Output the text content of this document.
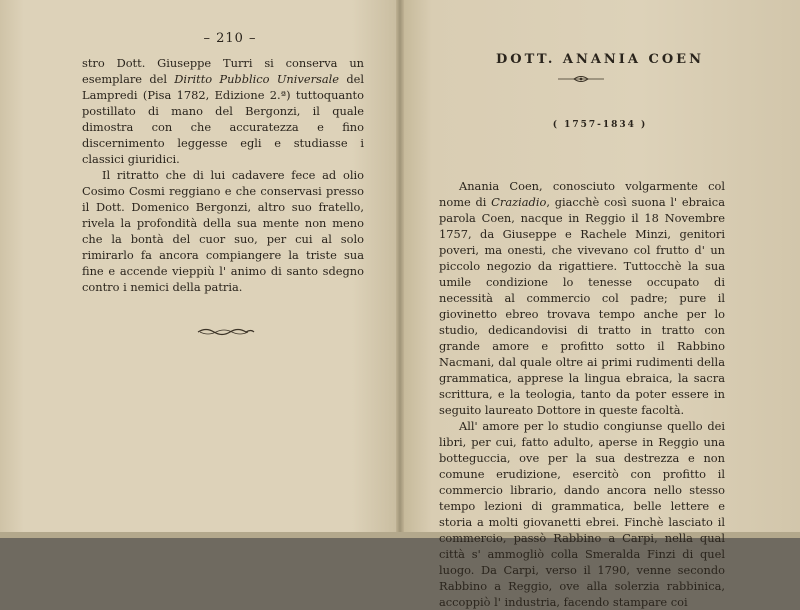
– 210 –

stro Dott. Giuseppe Turri si conserva un esemplare del Diritto Pubblico Universale del Lampredi (Pisa 1782, Edizione 2.ª) tuttoquanto postillato di mano del Bergonzi, il quale dimostra con che accuratezza e fino discernimento leggesse egli e studiasse i classici giuridici.

Il ritratto che di lui cadavere fece ad olio Cosimo Cosmi reggiano e che conservasi presso il Dott. Domenico Bergonzi, altro suo fratello, rivela la profondità della sua mente non meno che la bontà del cuor suo, per cui al solo rimirarlo fa ancora compiangere la triste sua fine e accende vieppiù l' animo di santo sdegno contro i nemici della patria.

DOTT. ANANIA COEN
( 1757-1834 )

Anania Coen, conosciuto volgarmente col nome di Craziadio, giacchè così suona l' ebraica parola Coen, nacque in Reggio il 18 Novembre 1757, da Giuseppe e Rachele Minzi, genitori poveri, ma onesti, che vivevano col frutto d' un piccolo negozio da rigattiere. Tuttocchè la sua umile condizione lo tenesse occupato di necessità al commercio col padre; pure il giovinetto ebreo trovava tempo anche per lo studio, dedicandovisi di tratto in tratto con grande amore e profitto sotto il Rabbino Nacmani, dal quale oltre ai primi rudimenti della grammatica, apprese la lingua ebraica, la sacra scrittura, e la teologia, tanto da poter essere in seguito laureato Dottore in queste facoltà.

All' amore per lo studio congiunse quello dei libri, per cui, fatto adulto, aperse in Reggio una botteguccia, ove per la sua destrezza e non comune erudizione, esercitò con profitto il commercio librario, dando ancora nello stesso tempo lezioni di grammatica, belle lettere e storia a molti giovanetti ebrei. Finchè lasciato il commercio, passò Rabbino a Carpi, nella qual città s' ammogliò colla Smeralda Finzi di quel luogo. Da Carpi, verso il 1790, venne secondo Rabbino a Reggio, ove alla solerzia rabbinica, accoppiò l' industria, facendo stampare coi
